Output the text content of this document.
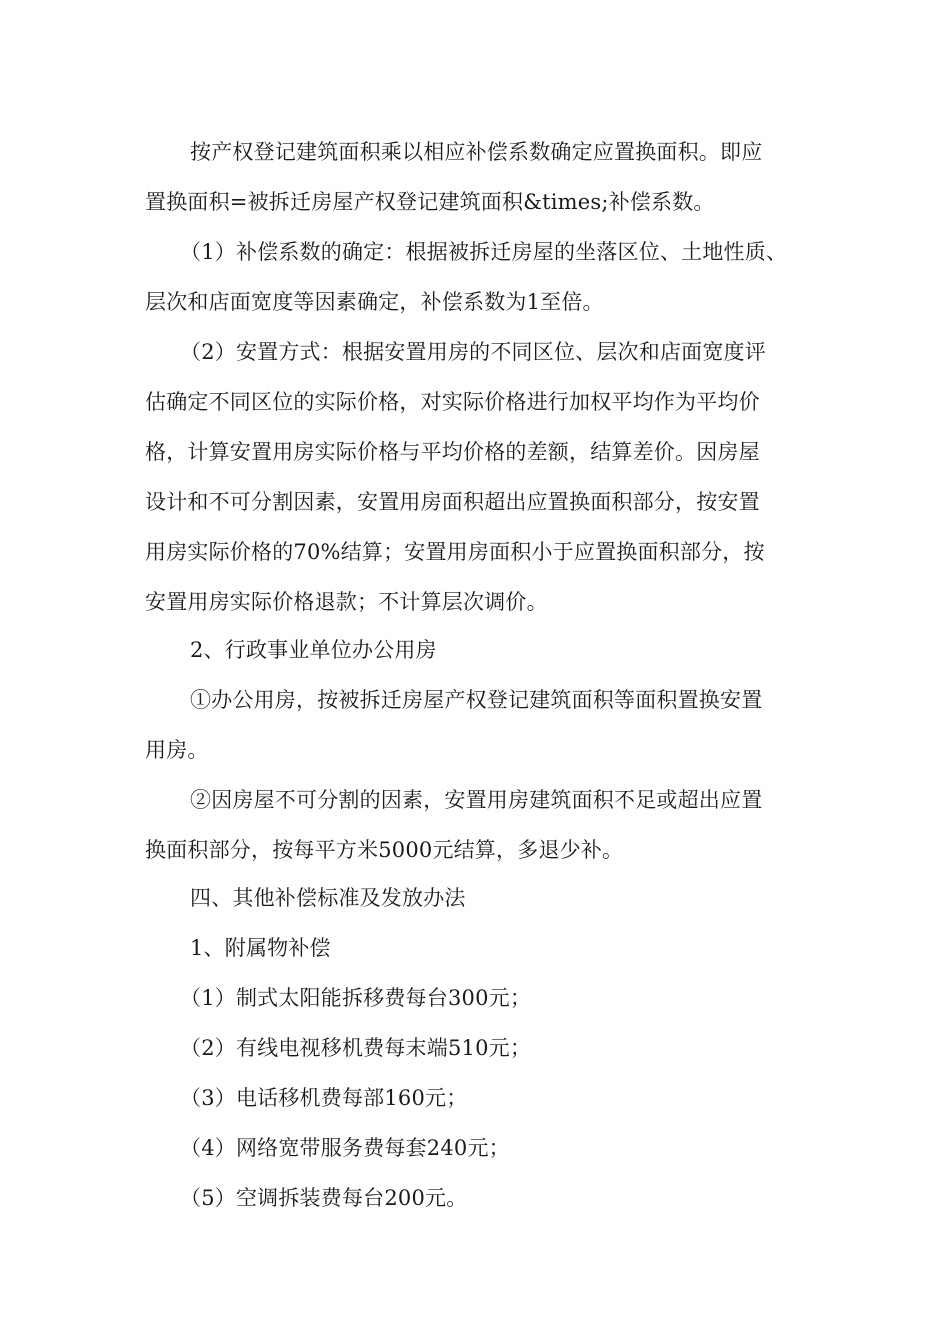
按产权登记建筑面积乘以相应补偿系数确定应置换面积。即应
置换面积=被拆迁房屋产权登记建筑面积&times;补偿系数。
（1）补偿系数的确定：根据被拆迁房屋的坐落区位、土地性质、
层次和店面宽度等因素确定，补偿系数为1至倍。
（2）安置方式：根据安置用房的不同区位、层次和店面宽度评
估确定不同区位的实际价格，对实际价格进行加权平均作为平均价
格，计算安置用房实际价格与平均价格的差额，结算差价。因房屋
设计和不可分割因素，安置用房面积超出应置换面积部分，按安置
用房实际价格的70%结算；安置用房面积小于应置换面积部分，按
安置用房实际价格退款；不计算层次调价。
2、行政事业单位办公用房
①办公用房，按被拆迁房屋产权登记建筑面积等面积置换安置
用房。
②因房屋不可分割的因素，安置用房建筑面积不足或超出应置
换面积部分，按每平方米5000元结算，多退少补。
四、其他补偿标准及发放办法
1、附属物补偿
（1）制式太阳能拆移费每台300元；
（2）有线电视移机费每末端510元；
（3）电话移机费每部160元；
（4）网络宽带服务费每套240元；
（5）空调拆装费每台200元。
